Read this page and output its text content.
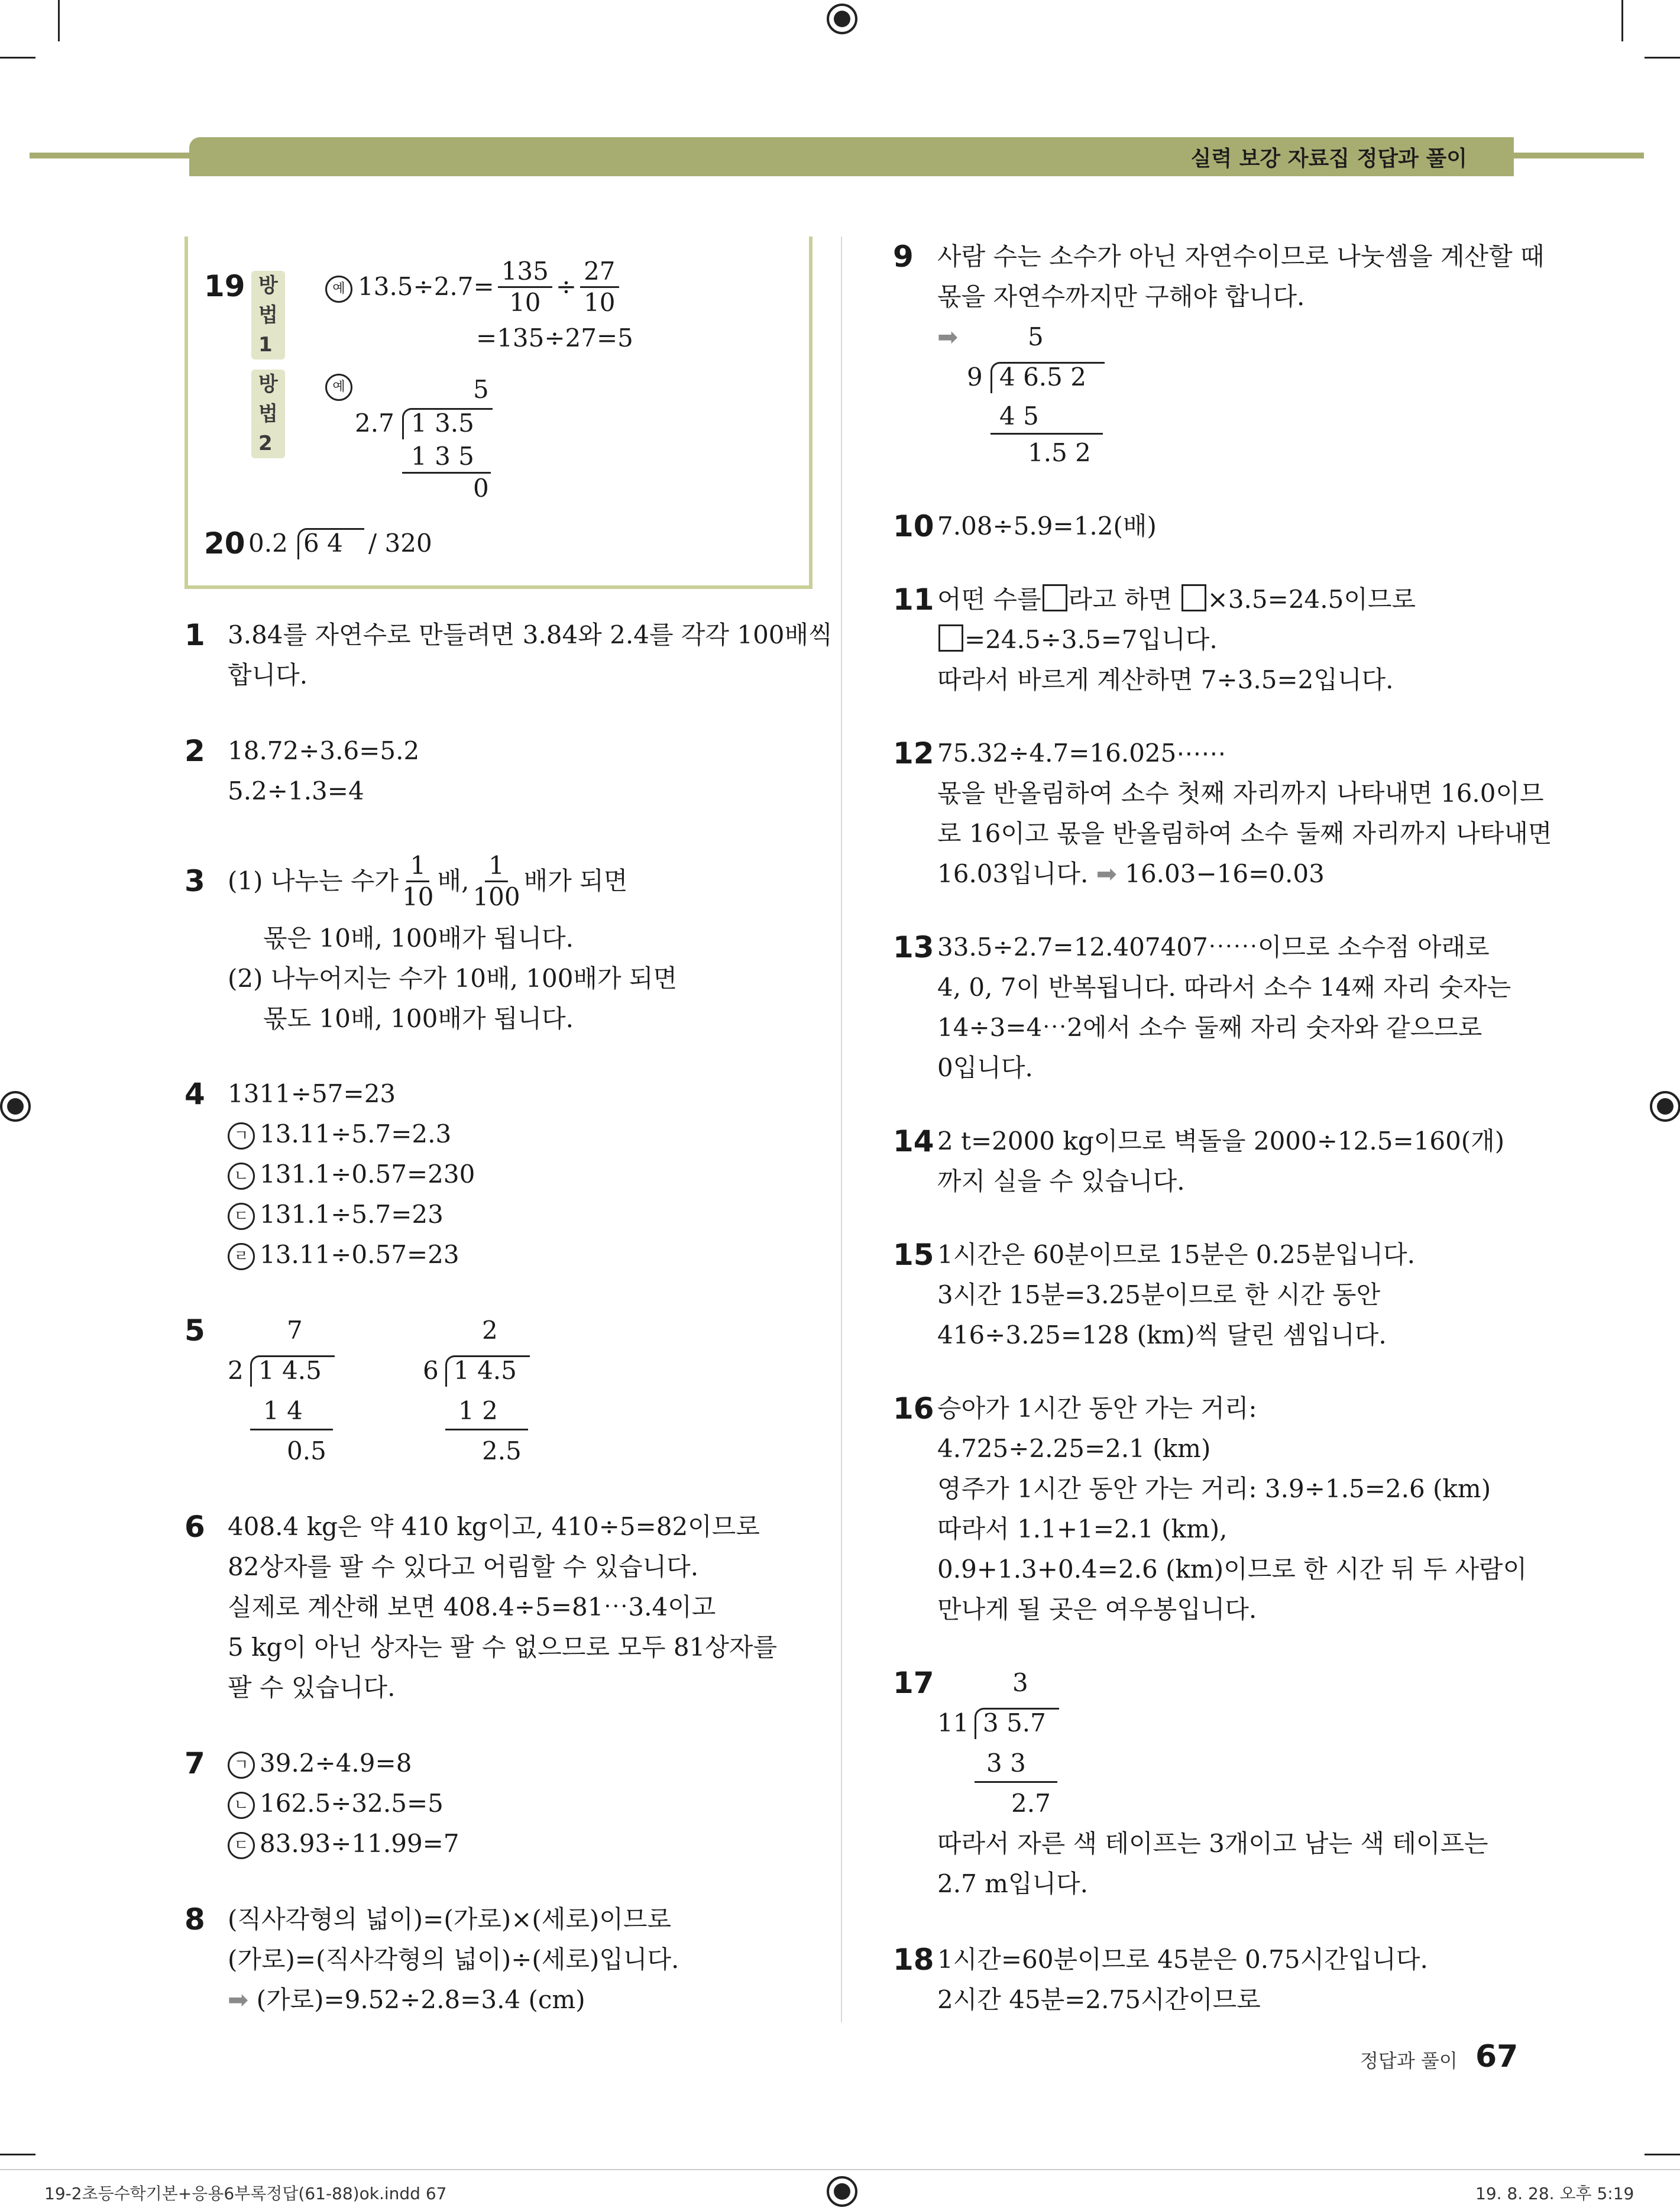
실력 보강 자료집 정답과 풀이
19 방법 1
예 $13.5\div 2.7= \frac{135}{10} \div \frac{27}{10}$
=135÷27=5
방법 2
예	5
2.7 1 3.5
1 3 5
0
20 0.2 6 4 / 320
1 3.84를 자연수로 만들려면 3.84와 2.4를 각각 100배씩
합니다.
2 18.72÷3.6=5.2
5.2÷1.3=4
3 (1) 나누는 수가 $\frac{1}{10}$ 배, $\frac{1}{100}$ 배가 되면
몫은 10배, 100배가 됩니다.
(2) 나누어지는 수가 10배, 100배가 되면
몫도 10배, 100배가 됩니다.
4 1311÷57=23
ㄱ 13.11÷5.7=2.3
ㄴ 131.1÷0.57=230
ㄷ 131.1÷5.7=23
ㄹ 13.11÷0.57=23
5	7
2 1 4.5
1 4
0.5
2
6 1 4.5
1 2
2.5
6 408.4 kg은 약 410 kg이고, 410÷5=82이므로
82상자를 팔 수 있다고 어림할 수 있습니다.
실제로 계산해 보면 408.4÷5=81⋯3.4이고
5 kg이 아닌 상자는 팔 수 없으므로 모두 81상자를
팔 수 있습니다.
7	ㄱ 39.2÷4.9=8
ㄴ 162.5÷32.5=5
ㄷ 83.93÷11.99=7
8 (직사각형의 넓이)=(가로)×(세로)이므로
(가로)=(직사각형의 넓이)÷(세로)입니다.
➡ (가로)=9.52÷2.8=3.4 (cm)
9 사람 수는 소수가 아닌 자연수이므로 나눗셈을 계산할 때
몫을 자연수까지만 구해야 합니다.
➡	5
9 4 6.5 2
4 5
1.5 2
10 7.08÷5.9=1.2(배)
11 어떤 수를 라고 하면 ×3.5=24.5이므로
=24.5÷3.5=7입니다.
따라서 바르게 계산하면 7÷3.5=2입니다.
12 75.32÷4.7=16.025⋯⋯
몫을 반올림하여 소수 첫째 자리까지 나타내면 16.0이므
로 16이고 몫을 반올림하여 소수 둘째 자리까지 나타내면
16.03입니다. ➡ 16.03−16=0.03
13 33.5÷2.7=12.407407⋯⋯이므로 소수점 아래로
4, 0, 7이 반복됩니다. 따라서 소수 14째 자리 숫자는
14÷3=4⋯2에서 소수 둘째 자리 숫자와 같으므로
0입니다.
14 2 t=2000 kg이므로 벽돌을 2000÷12.5=160(개)
까지 실을 수 있습니다.
15 1시간은 60분이므로 15분은 0.25분입니다.
3시간 15분=3.25분이므로 한 시간 동안
416÷3.25=128 (km)씩 달린 셈입니다.
16 승아가 1시간 동안 가는 거리:
4.725÷2.25=2.1 (km)
영주가 1시간 동안 가는 거리: 3.9÷1.5=2.6 (km)
따라서 1.1+1=2.1 (km),
0.9+1.3+0.4=2.6 (km)이므로 한 시간 뒤 두 사람이
만나게 될 곳은 여우봉입니다.
17	3
11 3 5.7
3 3
2.7
따라서 자른 색 테이프는 3개이고 남는 색 테이프는
2.7 m입니다.
18 1시간=60분이므로 45분은 0.75시간입니다.
2시간 45분=2.75시간이므로
정답과 풀이 67
19-2초등수학기본+응용6부록정답(61-88)ok.indd 67	19. 8. 28. 오후 5:19
